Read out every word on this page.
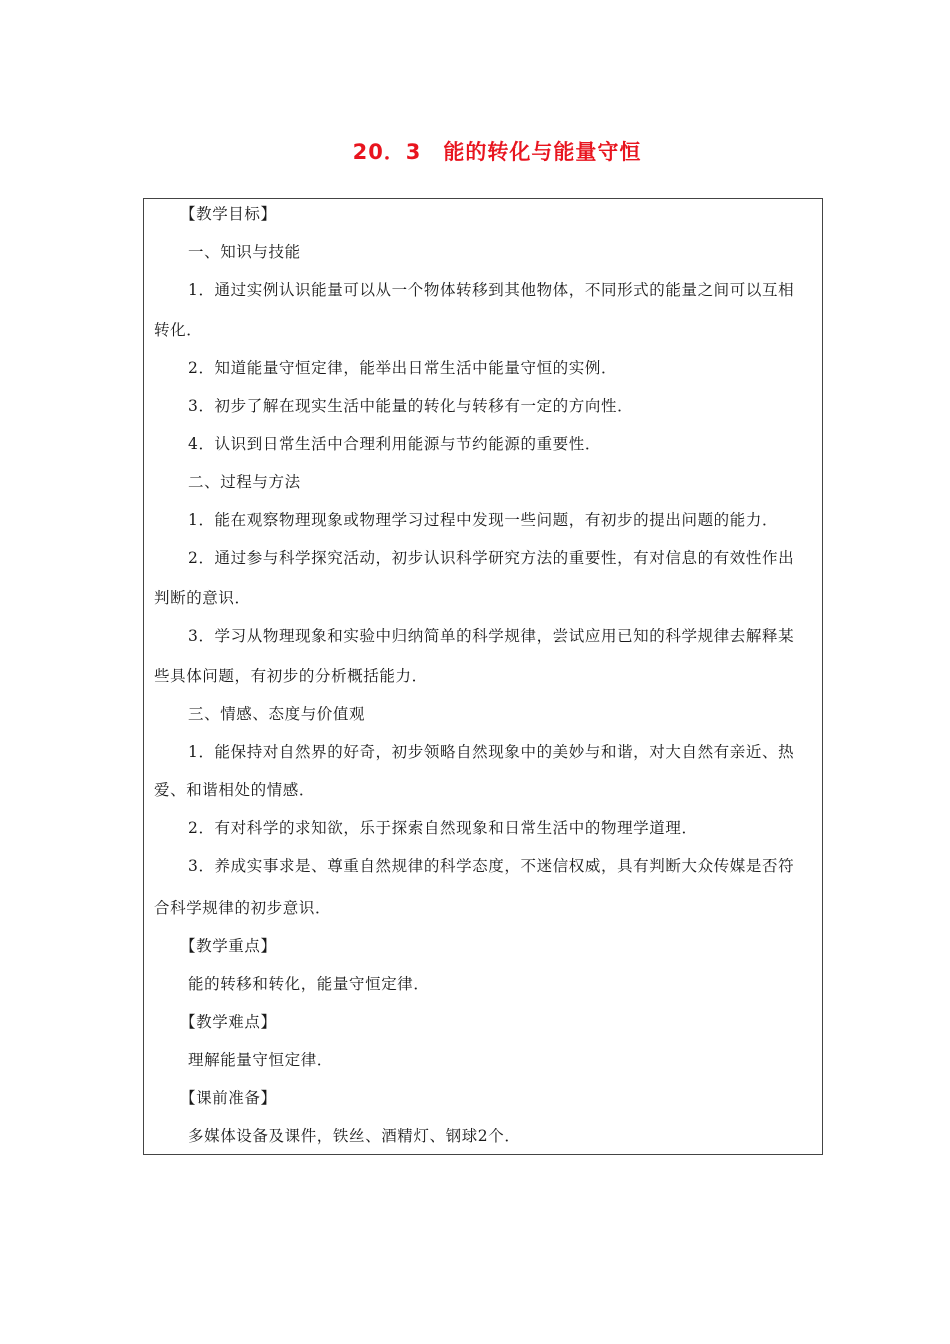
20．3　能的转化与能量守恒
【教学目标】
一、知识与技能
1．通过实例认识能量可以从一个物体转移到其他物体，不同形式的能量之间可以互相
转化．
2．知道能量守恒定律，能举出日常生活中能量守恒的实例．
3．初步了解在现实生活中能量的转化与转移有一定的方向性．
4．认识到日常生活中合理利用能源与节约能源的重要性．
二、过程与方法
1．能在观察物理现象或物理学习过程中发现一些问题，有初步的提出问题的能力．
2．通过参与科学探究活动，初步认识科学研究方法的重要性，有对信息的有效性作出
判断的意识．
3．学习从物理现象和实验中归纳简单的科学规律，尝试应用已知的科学规律去解释某
些具体问题，有初步的分析概括能力．
三、情感、态度与价值观
1．能保持对自然界的好奇，初步领略自然现象中的美妙与和谐，对大自然有亲近、热
爱、和谐相处的情感．
2．有对科学的求知欲，乐于探索自然现象和日常生活中的物理学道理．
3．养成实事求是、尊重自然规律的科学态度，不迷信权威，具有判断大众传媒是否符
合科学规律的初步意识．
【教学重点】
能的转移和转化，能量守恒定律．
【教学难点】
理解能量守恒定律．
【课前准备】
多媒体设备及课件，铁丝、酒精灯、钢球2个．
